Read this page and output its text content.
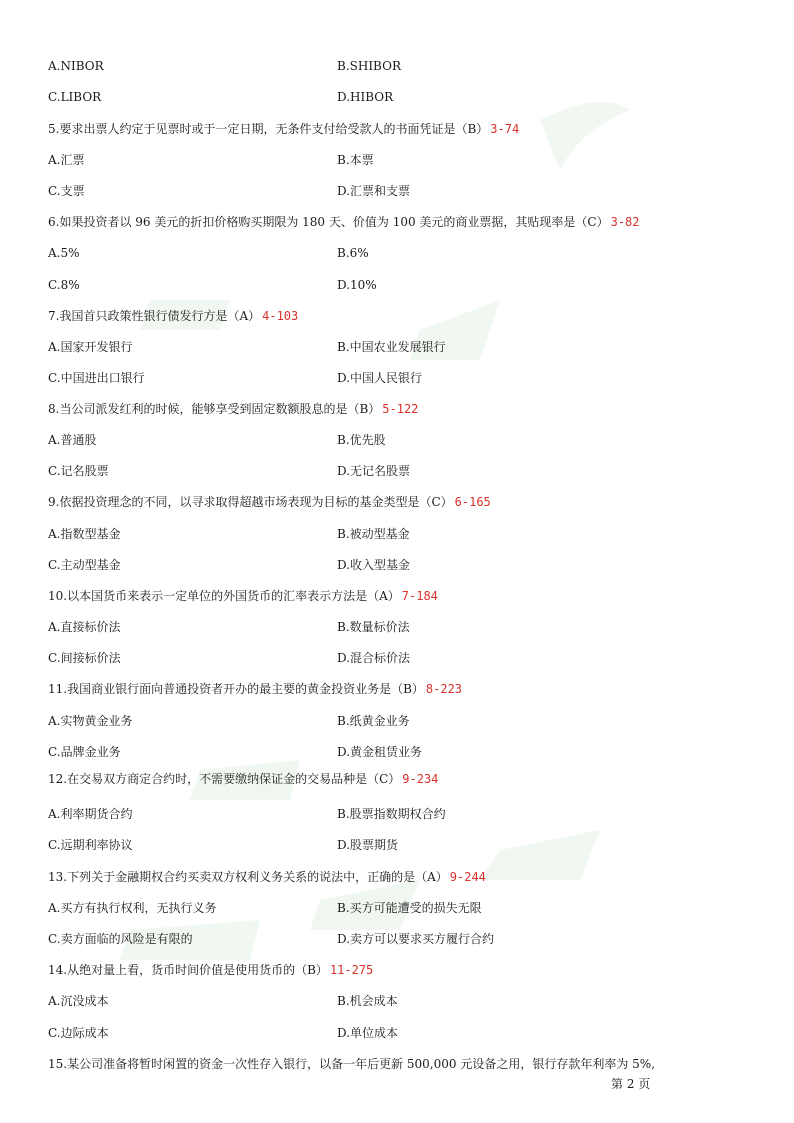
A.NIBOR	B.SHIBOR
C.LIBOR	D.HIBOR
5.要求出票人约定于见票时或于一定日期，无条件支付给受款人的书面凭证是（B） 3-74
A.汇票	B.本票
C.支票	D.汇票和支票
6.如果投资者以 96 美元的折扣价格购买期限为 180 天、价值为 100 美元的商业票据，其贴现率是（C） 3-82
A.5%	B.6%
C.8%	D.10%
7.我国首只政策性银行债发行方是（A） 4-103
A.国家开发银行	B.中国农业发展银行
C.中国进出口银行	D.中国人民银行
8.当公司派发红利的时候，能够享受到固定数额股息的是（B） 5-122
A.普通股	B.优先股
C.记名股票	D.无记名股票
9.依据投资理念的不同，以寻求取得超越市场表现为目标的基金类型是（C） 6-165
A.指数型基金	B.被动型基金
C.主动型基金	D.收入型基金
10.以本国货币来表示一定单位的外国货币的汇率表示方法是（A） 7-184
A.直接标价法	B.数量标价法
C.间接标价法	D.混合标价法
11.我国商业银行面向普通投资者开办的最主要的黄金投资业务是（B） 8-223
A.实物黄金业务	B.纸黄金业务
C.品牌金业务	D.黄金租赁业务
12.在交易双方商定合约时，不需要缴纳保证金的交易品种是（C） 9-234
A.利率期货合约	B.股票指数期权合约
C.远期利率协议	D.股票期货
13.下列关于金融期权合约买卖双方权利义务关系的说法中，正确的是（A） 9-244
A.买方有执行权利，无执行义务	B.买方可能遭受的损失无限
C.卖方面临的风险是有限的	D.卖方可以要求买方履行合约
14.从绝对量上看，货币时间价值是使用货币的（B） 11-275
A.沉没成本	B.机会成本
C.边际成本	D.单位成本
15.某公司准备将暂时闲置的资金一次性存入银行，以备一年后更新 500,000 元设备之用，银行存款年利率为 5%,
第 2 页
